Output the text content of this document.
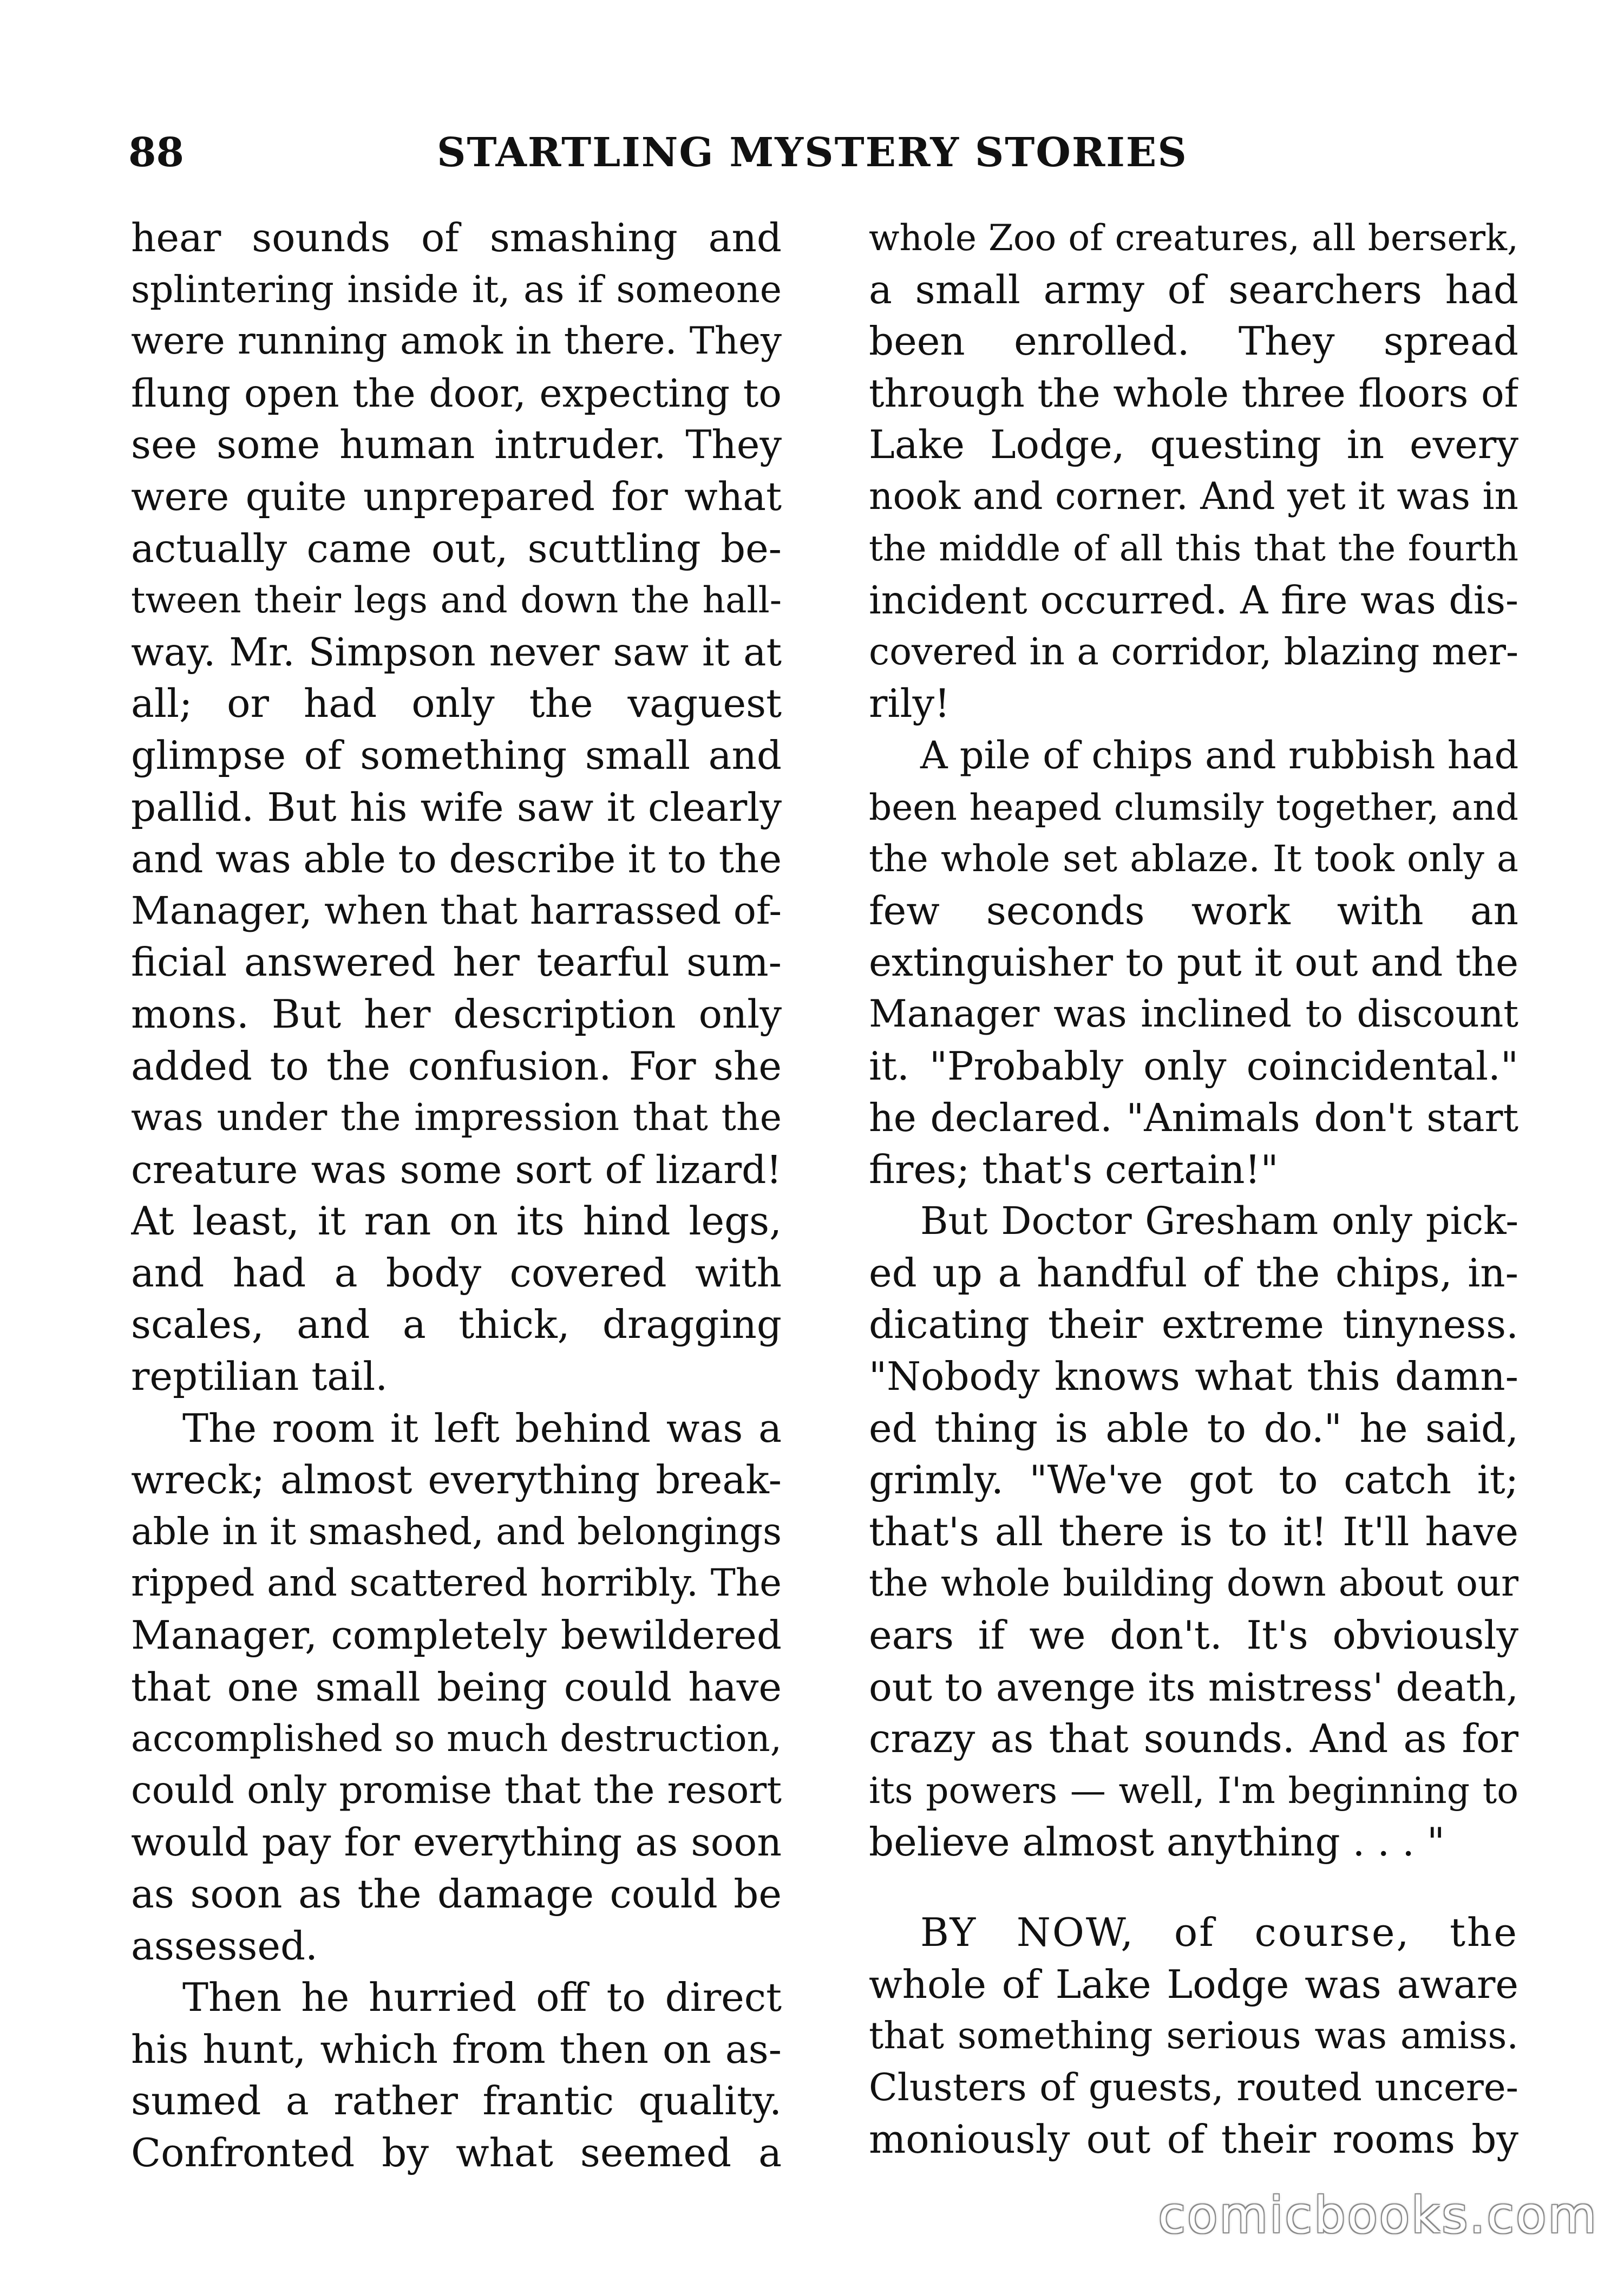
88	STARTLING MYSTERY STORIES
hear sounds of smashing and
splintering inside it, as if someone
were running amok in there. They
flung open the door, expecting to
see some human intruder. They
were quite unprepared for what
actually came out, scuttling be-
tween their legs and down the hall-
way. Mr. Simpson never saw it at
all; or had only the vaguest
glimpse of something small and
pallid. But his wife saw it clearly
and was able to describe it to the
Manager, when that harrassed of-
ficial answered her tearful sum-
mons. But her description only
added to the confusion. For she
was under the impression that the
creature was some sort of lizard!
At least, it ran on its hind legs,
and had a body covered with
scales, and a thick, dragging
reptilian tail.
The room it left behind was a
wreck; almost everything break-
able in it smashed, and belongings
ripped and scattered horribly. The
Manager, completely bewildered
that one small being could have
accomplished so much destruction,
could only promise that the resort
would pay for everything as soon
as soon as the damage could be
assessed.
Then he hurried off to direct
his hunt, which from then on as-
sumed a rather frantic quality.
Confronted by what seemed a
whole Zoo of creatures, all berserk,
a small army of searchers had
been enrolled. They spread
through the whole three floors of
Lake Lodge, questing in every
nook and corner. And yet it was in
the middle of all this that the fourth
incident occurred. A fire was dis-
covered in a corridor, blazing mer-
rily!
A pile of chips and rubbish had
been heaped clumsily together, and
the whole set ablaze. It took only a
few seconds work with an
extinguisher to put it out and the
Manager was inclined to discount
it. "Probably only coincidental."
he declared. "Animals don't start
fires; that's certain!"
But Doctor Gresham only pick-
ed up a handful of the chips, in-
dicating their extreme tinyness.
"Nobody knows what this damn-
ed thing is able to do." he said,
grimly. "We've got to catch it;
that's all there is to it! It'll have
the whole building down about our
ears if we don't. It's obviously
out to avenge its mistress' death,
crazy as that sounds. And as for
its powers — well, I'm beginning to
believe almost anything . . . "
BY NOW, of course, the
whole of Lake Lodge was aware
that something serious was amiss.
Clusters of guests, routed uncere-
moniously out of their rooms by
comicbooks.com
